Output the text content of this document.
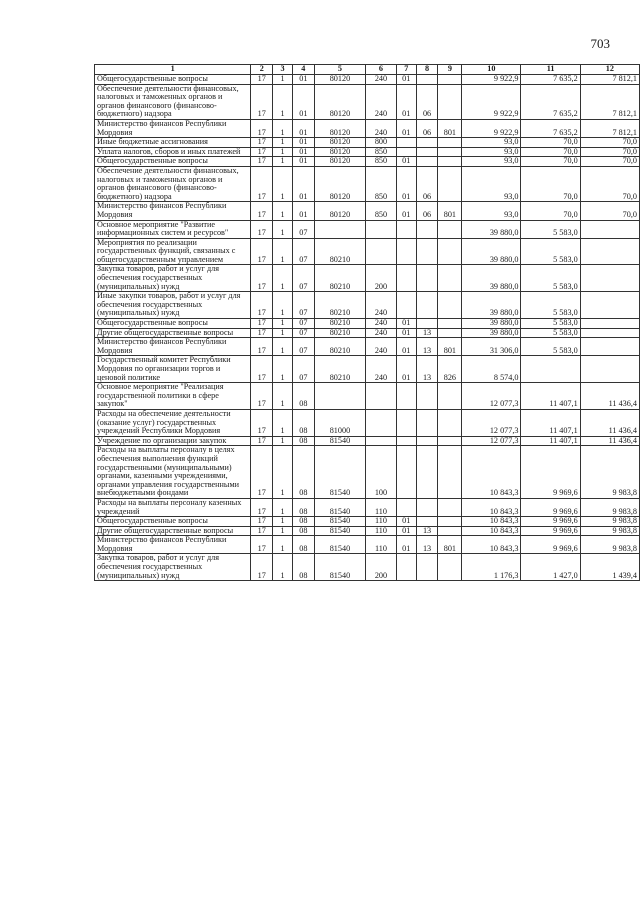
703
1	2	3	4	5	6	7	8	9	10	11	12
Общегосударственные вопросы	17	1	01	80120	240	01			9 922,9	7 635,2	7 812,1
Обеспечение деятельности финансовых, налоговых и таможенных органов и органов финансового (финансово-бюджетного) надзора	17	1	01	80120	240	01	06		9 922,9	7 635,2	7 812,1
Министерство финансов Республики Мордовия	17	1	01	80120	240	01	06	801	9 922,9	7 635,2	7 812,1
Иные бюджетные ассигнования	17	1	01	80120	800				93,0	70,0	70,0
Уплата налогов, сборов и иных платежей	17	1	01	80120	850				93,0	70,0	70,0
Общегосударственные вопросы	17	1	01	80120	850	01			93,0	70,0	70,0
Обеспечение деятельности финансовых, налоговых и таможенных органов и органов финансового (финансово-бюджетного) надзора	17	1	01	80120	850	01	06		93,0	70,0	70,0
Министерство финансов Республики Мордовия	17	1	01	80120	850	01	06	801	93,0	70,0	70,0
Основное мероприятие "Развитие информационных систем и ресурсов"	17	1	07						39 880,0	5 583,0	
Мероприятия по реализации государственных функций, связанных с общегосударственным управлением	17	1	07	80210					39 880,0	5 583,0	
Закупка товаров, работ и услуг для обеспечения государственных (муниципальных) нужд	17	1	07	80210	200				39 880,0	5 583,0	
Иные закупки товаров, работ и услуг для обеспечения государственных (муниципальных) нужд	17	1	07	80210	240				39 880,0	5 583,0	
Общегосударственные вопросы	17	1	07	80210	240	01			39 880,0	5 583,0	
Другие общегосударственные вопросы	17	1	07	80210	240	01	13		39 880,0	5 583,0	
Министерство финансов Республики Мордовия	17	1	07	80210	240	01	13	801	31 306,0	5 583,0	
Государственный комитет Республики Мордовия по организации торгов и ценовой политике	17	1	07	80210	240	01	13	826	8 574,0		
Основное мероприятие "Реализация государственной политики в сфере закупок"	17	1	08						12 077,3	11 407,1	11 436,4
Расходы на обеспечение деятельности (оказание услуг) государственных учреждений Республики Мордовия	17	1	08	81000					12 077,3	11 407,1	11 436,4
Учреждение по организации закупок	17	1	08	81540					12 077,3	11 407,1	11 436,4
Расходы на выплаты персоналу в целях обеспечения выполнения функций государственными (муниципальными) органами, казенными учреждениями, органами управления государственными внебюджетными фондами	17	1	08	81540	100				10 843,3	9 969,6	9 983,8
Расходы на выплаты персоналу казенных учреждений	17	1	08	81540	110				10 843,3	9 969,6	9 983,8
Общегосударственные вопросы	17	1	08	81540	110	01			10 843,3	9 969,6	9 983,8
Другие общегосударственные вопросы	17	1	08	81540	110	01	13		10 843,3	9 969,6	9 983,8
Министерство финансов Республики Мордовия	17	1	08	81540	110	01	13	801	10 843,3	9 969,6	9 983,8
Закупка товаров, работ и услуг для обеспечения государственных (муниципальных) нужд	17	1	08	81540	200				1 176,3	1 427,0	1 439,4
